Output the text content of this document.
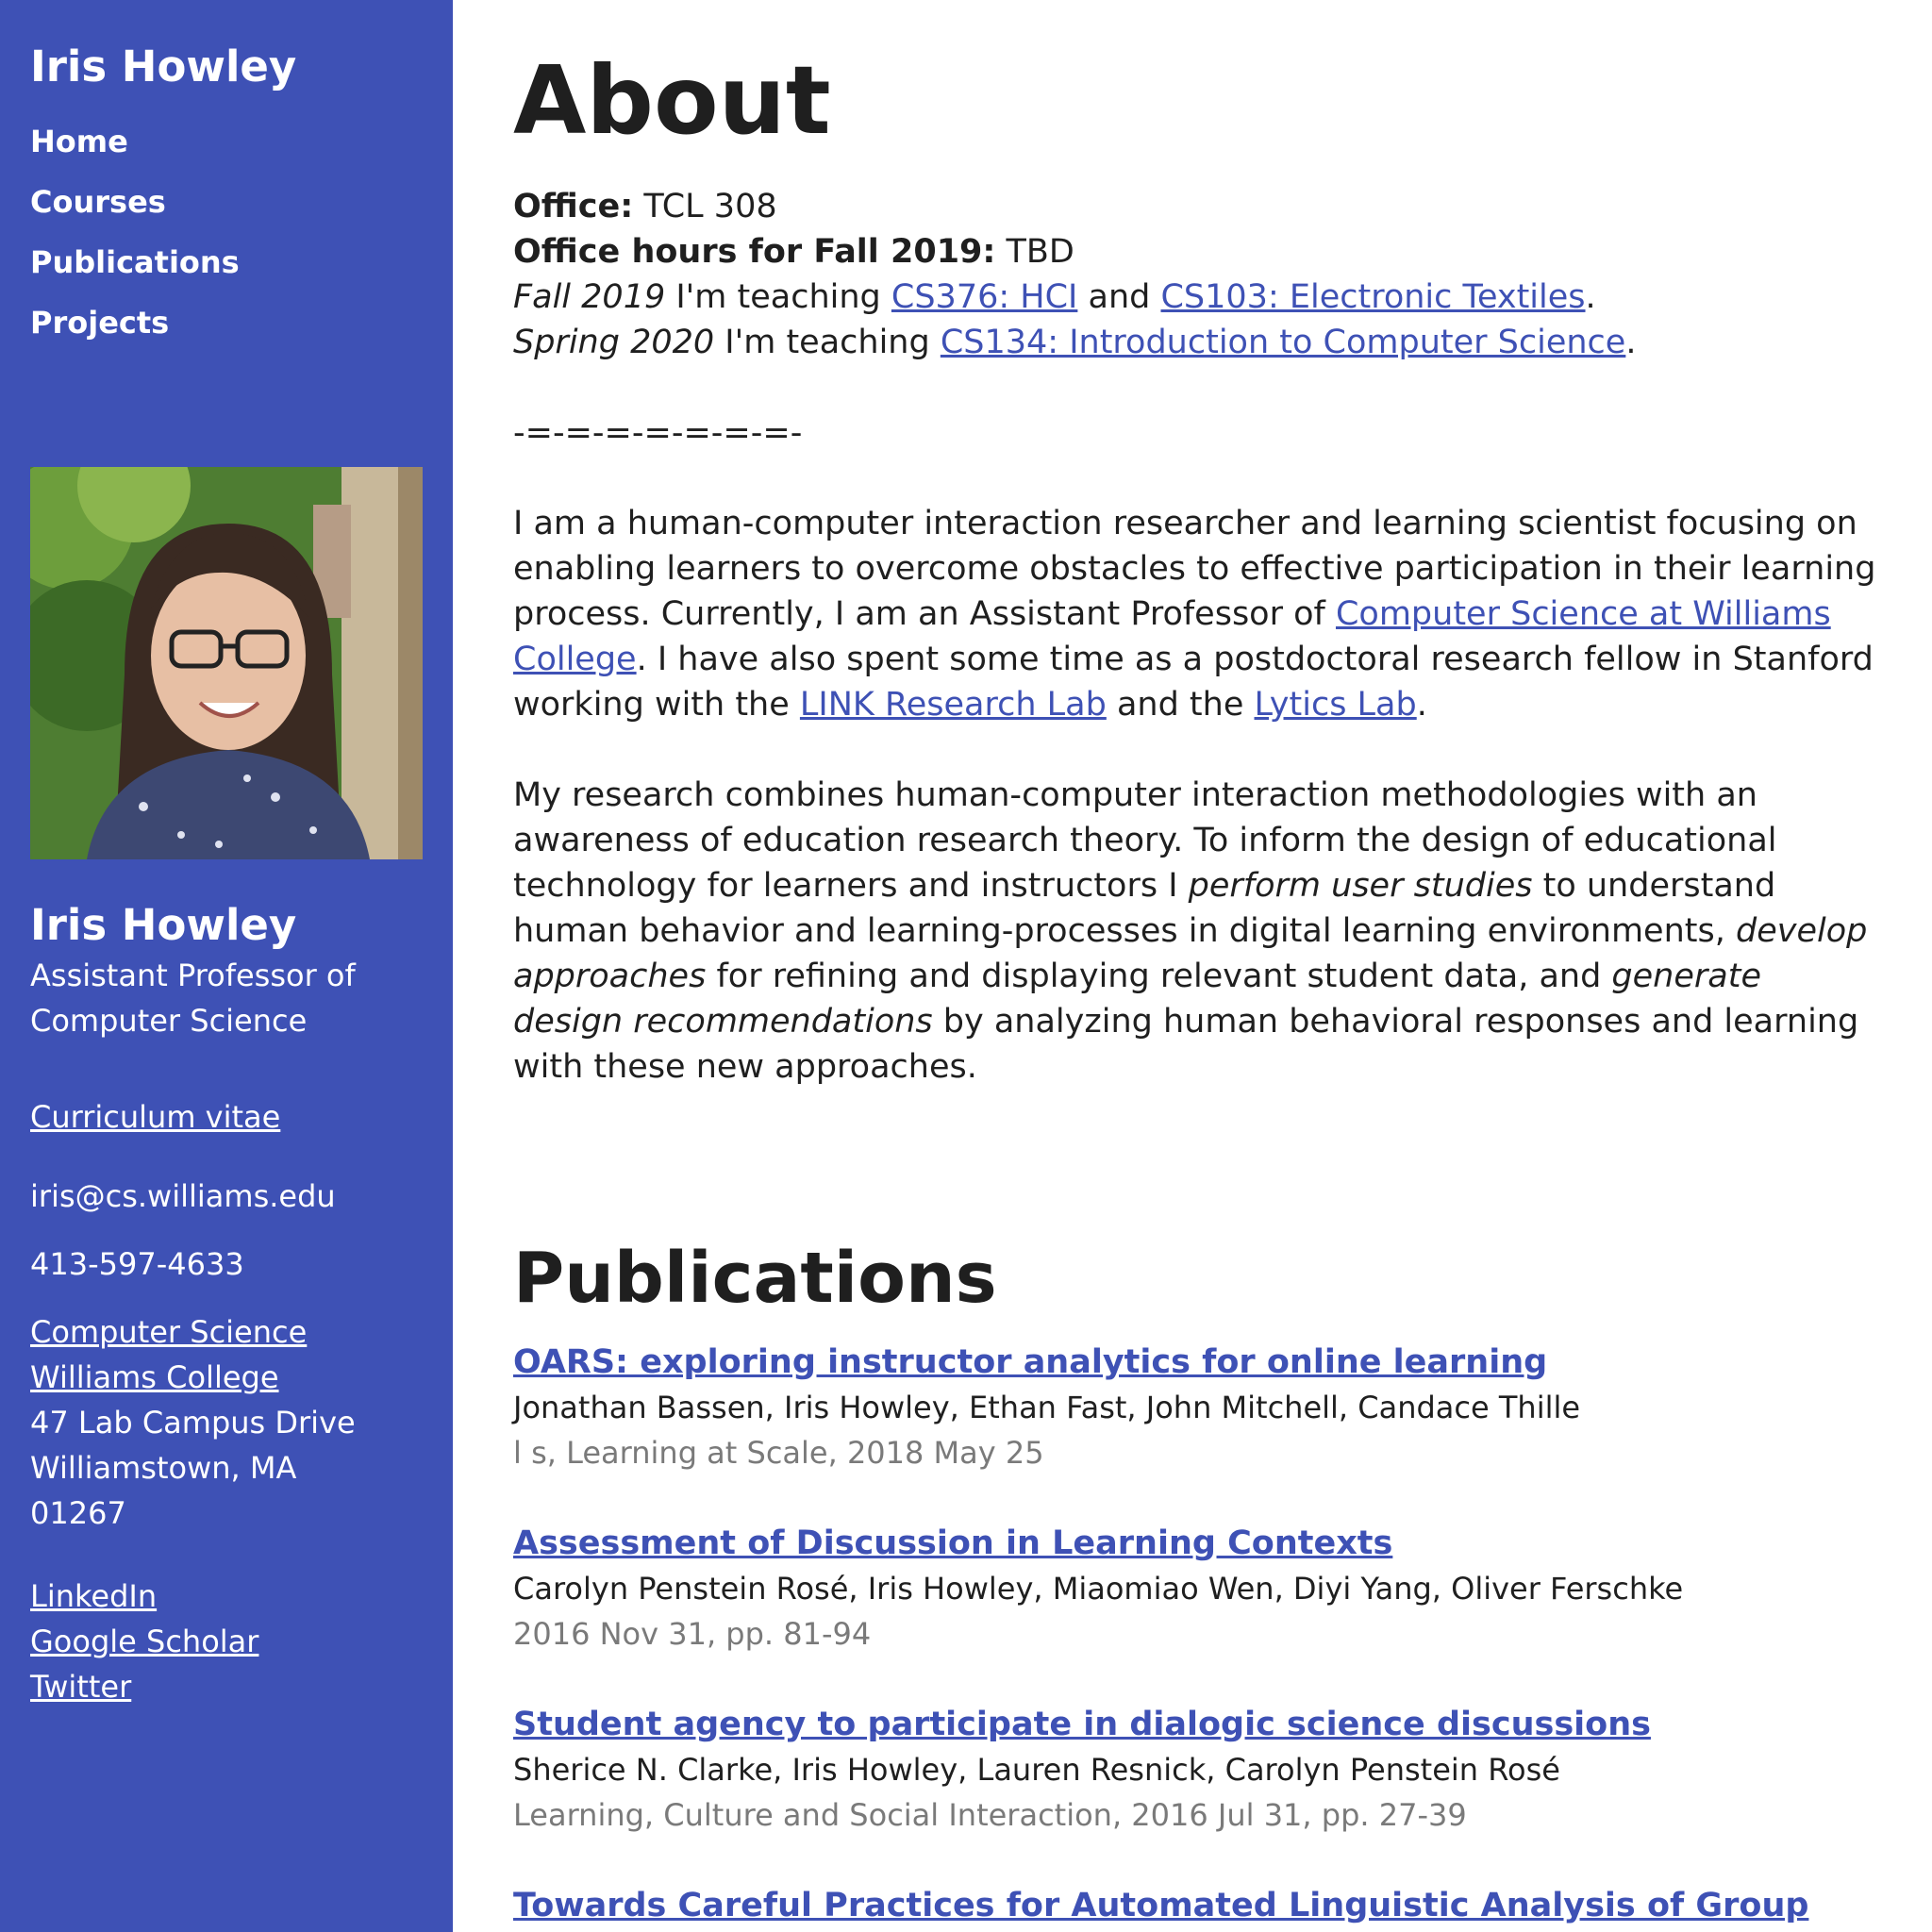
Iris Howley
Home
Courses
Publications
Projects
Iris Howley
Assistant Professor of Computer Science
Curriculum vitae
iris@cs.williams.edu
413-597-4633
Computer Science
Williams College
47 Lab Campus Drive
Williamstown, MA
01267
LinkedIn
Google Scholar
Twitter
About
Office: TCL 308
Office hours for Fall 2019: TBD
Fall 2019 I'm teaching CS376: HCI and CS103: Electronic Textiles.
Spring 2020 I'm teaching CS134: Introduction to Computer Science.
-=-=-=-=-=-=-=-
I am a human-computer interaction researcher and learning scientist focusing on enabling learners to overcome obstacles to effective participation in their learning process. Currently, I am an Assistant Professor of Computer Science at Williams College. I have also spent some time as a postdoctoral research fellow in Stanford working with the LINK Research Lab and the Lytics Lab.
My research combines human-computer interaction methodologies with an awareness of education research theory. To inform the design of educational technology for learners and instructors I perform user studies to understand human behavior and learning-processes in digital learning environments, develop approaches for refining and displaying relevant student data, and generate design recommendations by analyzing human behavioral responses and learning with these new approaches.
Publications
OARS: exploring instructor analytics for online learning
Jonathan Bassen, Iris Howley, Ethan Fast, John Mitchell, Candace Thille
l s, Learning at Scale, 2018 May 25
Assessment of Discussion in Learning Contexts
Carolyn Penstein Rosé, Iris Howley, Miaomiao Wen, Diyi Yang, Oliver Ferschke
2016 Nov 31, pp. 81-94
Student agency to participate in dialogic science discussions
Sherice N. Clarke, Iris Howley, Lauren Resnick, Carolyn Penstein Rosé
Learning, Culture and Social Interaction, 2016 Jul 31, pp. 27-39
Towards Careful Practices for Automated Linguistic Analysis of Group
